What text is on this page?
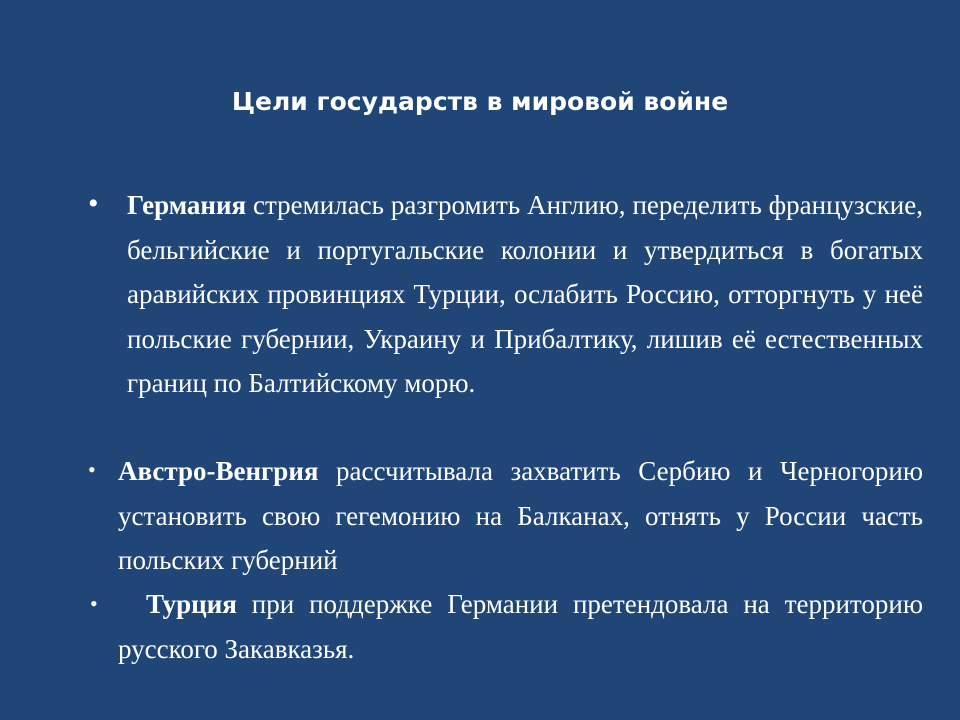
Цели государств в мировой войне
• Германия стремилась разгромить Англию, переделить французские, бельгийские и португальские колонии и утвердиться в богатых аравийских провинциях Турции, ослабить Россию, отторгнуть у неё польские губернии, Украину и Прибалтику, лишив её естественных границ по Балтийскому морю.
• Австро-Венгрия рассчитывала захватить Сербию и Черногорию установить свою гегемонию на Балканах, отнять у России часть польских губерний
•	Турция при поддержке Германии претендовала на территорию русского Закавказья.
